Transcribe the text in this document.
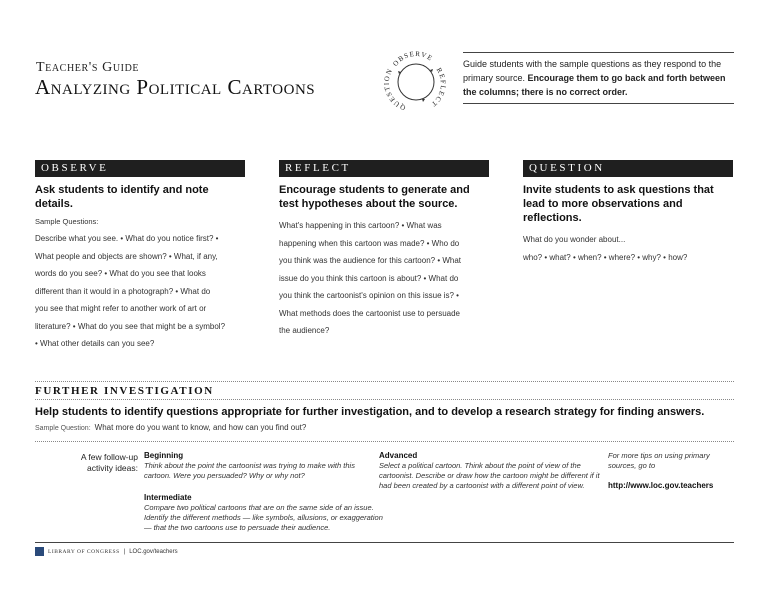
Teacher's Guide
Analyzing Political Cartoons
OBSERVE
REFLECT
QUESTION
Guide students with the sample questions as they respond to the primary source. Encourage them to go back and forth between the columns; there is no correct order.
OBSERVE
Ask students to identify and note details.
Sample Questions:
Describe what you see. • What do you notice first? •
What people and objects are shown? • What, if any,
words do you see? • What do you see that looks
different than it would in a photograph? • What do
you see that might refer to another work of art or
literature? • What do you see that might be a symbol?
• What other details can you see?
REFLECT
Encourage students to generate and test hypotheses about the source.
What's happening in this cartoon? • What was
happening when this cartoon was made? • Who do
you think was the audience for this cartoon? • What
issue do you think this cartoon is about? • What do
you think the cartoonist's opinion on this issue is? •
What methods does the cartoonist use to persuade
the audience?
QUESTION
Invite students to ask questions that lead to more observations and reflections.
What do you wonder about...
who? • what? • when? • where? • why? • how?
FURTHER INVESTIGATION
Help students to identify questions appropriate for further investigation, and to develop a research strategy for finding answers.
Sample Question: What more do you want to know, and how can you find out?
A few follow-up activity ideas:
Beginning
Think about the point the cartoonist was trying to make with this cartoon. Were you persuaded? Why or why not?
Intermediate
Compare two political cartoons that are on the same side of an issue. Identify the different methods — like symbols, allusions, or exaggeration — that the two cartoons use to persuade their audience.
Advanced
Select a political cartoon. Think about the point of view of the cartoonist. Describe or draw how the cartoon might be different if it had been created by a cartoonist with a different point of view.
For more tips on using primary sources, go to
http://www.loc.gov.teachers
LIBRARY OF CONGRESS | LOC.gov/teachers
